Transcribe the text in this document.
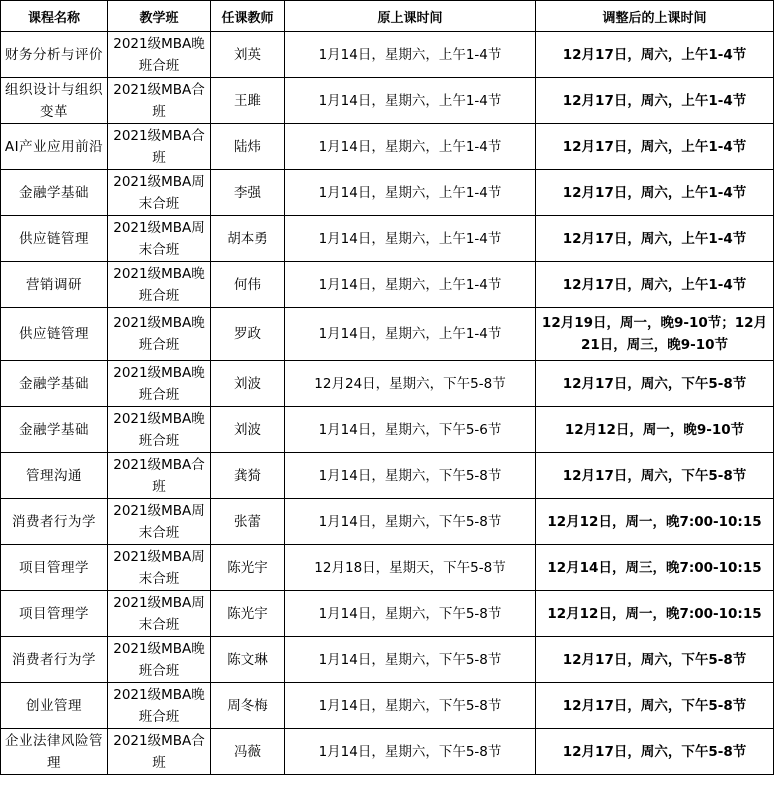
课程名称	教学班	任课教师	原上课时间	调整后的上课时间
财务分析与评价	2021级MBA晚班合班	刘英	1月14日，星期六，上午1-4节	12月17日，周六，上午1-4节
组织设计与组织变革	2021级MBA合班	王雎	1月14日，星期六，上午1-4节	12月17日，周六，上午1-4节
AI产业应用前沿	2021级MBA合班	陆炜	1月14日，星期六，上午1-4节	12月17日，周六，上午1-4节
金融学基础	2021级MBA周末合班	李强	1月14日，星期六，上午1-4节	12月17日，周六，上午1-4节
供应链管理	2021级MBA周末合班	胡本勇	1月14日，星期六，上午1-4节	12月17日，周六，上午1-4节
营销调研	2021级MBA晚班合班	何伟	1月14日，星期六，上午1-4节	12月17日，周六，上午1-4节
供应链管理	2021级MBA晚班合班	罗政	1月14日，星期六，上午1-4节	12月19日，周一，晚9-10节；12月21日，周三，晚9-10节
金融学基础	2021级MBA晚班合班	刘波	12月24日，星期六，下午5-8节	12月17日，周六，下午5-8节
金融学基础	2021级MBA晚班合班	刘波	1月14日，星期六，下午5-6节	12月12日，周一，晚9-10节
管理沟通	2021级MBA合班	龚猗	1月14日，星期六，下午5-8节	12月17日，周六，下午5-8节
消费者行为学	2021级MBA周末合班	张蕾	1月14日，星期六，下午5-8节	12月12日，周一，晚7:00-10:15
项目管理学	2021级MBA周末合班	陈光宇	12月18日，星期天，下午5-8节	12月14日，周三，晚7:00-10:15
项目管理学	2021级MBA周末合班	陈光宇	1月14日，星期六，下午5-8节	12月12日，周一，晚7:00-10:15
消费者行为学	2021级MBA晚班合班	陈文琳	1月14日，星期六，下午5-8节	12月17日，周六，下午5-8节
创业管理	2021级MBA晚班合班	周冬梅	1月14日，星期六，下午5-8节	12月17日，周六，下午5-8节
企业法律风险管理	2021级MBA合班	冯薇	1月14日，星期六，下午5-8节	12月17日，周六，下午5-8节
